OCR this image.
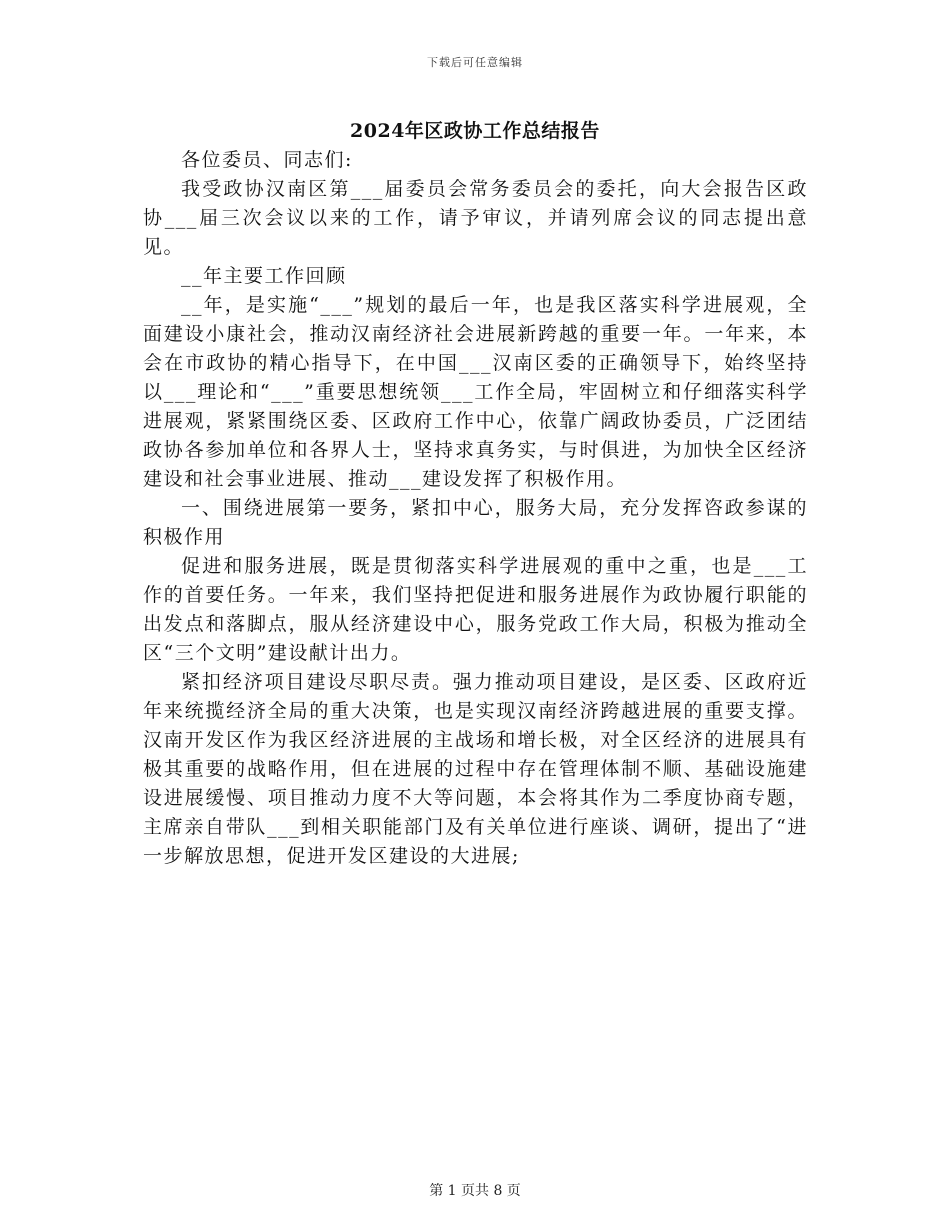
下载后可任意编辑
2024年区政协工作总结报告

各位委员、同志们:

我受政协汉南区第___届委员会常务委员会的委托，向大会报告区政协___届三次会议以来的工作，请予审议，并请列席会议的同志提出意见。

__年主要工作回顾

__年，是实施“___”规划的最后一年，也是我区落实科学进展观，全面建设小康社会，推动汉南经济社会进展新跨越的重要一年。一年来，本会在市政协的精心指导下，在中国___汉南区委的正确领导下，始终坚持以___理论和“___”重要思想统领___工作全局，牢固树立和仔细落实科学进展观，紧紧围绕区委、区政府工作中心，依靠广阔政协委员，广泛团结政协各参加单位和各界人士，坚持求真务实，与时俱进，为加快全区经济建设和社会事业进展、推动___建设发挥了积极作用。

一、围绕进展第一要务，紧扣中心，服务大局，充分发挥咨政参谋的积极作用

促进和服务进展，既是贯彻落实科学进展观的重中之重，也是___工作的首要任务。一年来，我们坚持把促进和服务进展作为政协履行职能的出发点和落脚点，服从经济建设中心，服务党政工作大局，积极为推动全区“三个文明”建设献计出力。

紧扣经济项目建设尽职尽责。强力推动项目建设，是区委、区政府近年来统揽经济全局的重大决策，也是实现汉南经济跨越进展的重要支撑。汉南开发区作为我区经济进展的主战场和增长极，对全区经济的进展具有极其重要的战略作用，但在进展的过程中存在管理体制不顺、基础设施建设进展缓慢、项目推动力度不大等问题，本会将其作为二季度协商专题，主席亲自带队___到相关职能部门及有关单位进行座谈、调研，提出了“进一步解放思想，促进开发区建设的大进展;

第 1 页共 8 页
